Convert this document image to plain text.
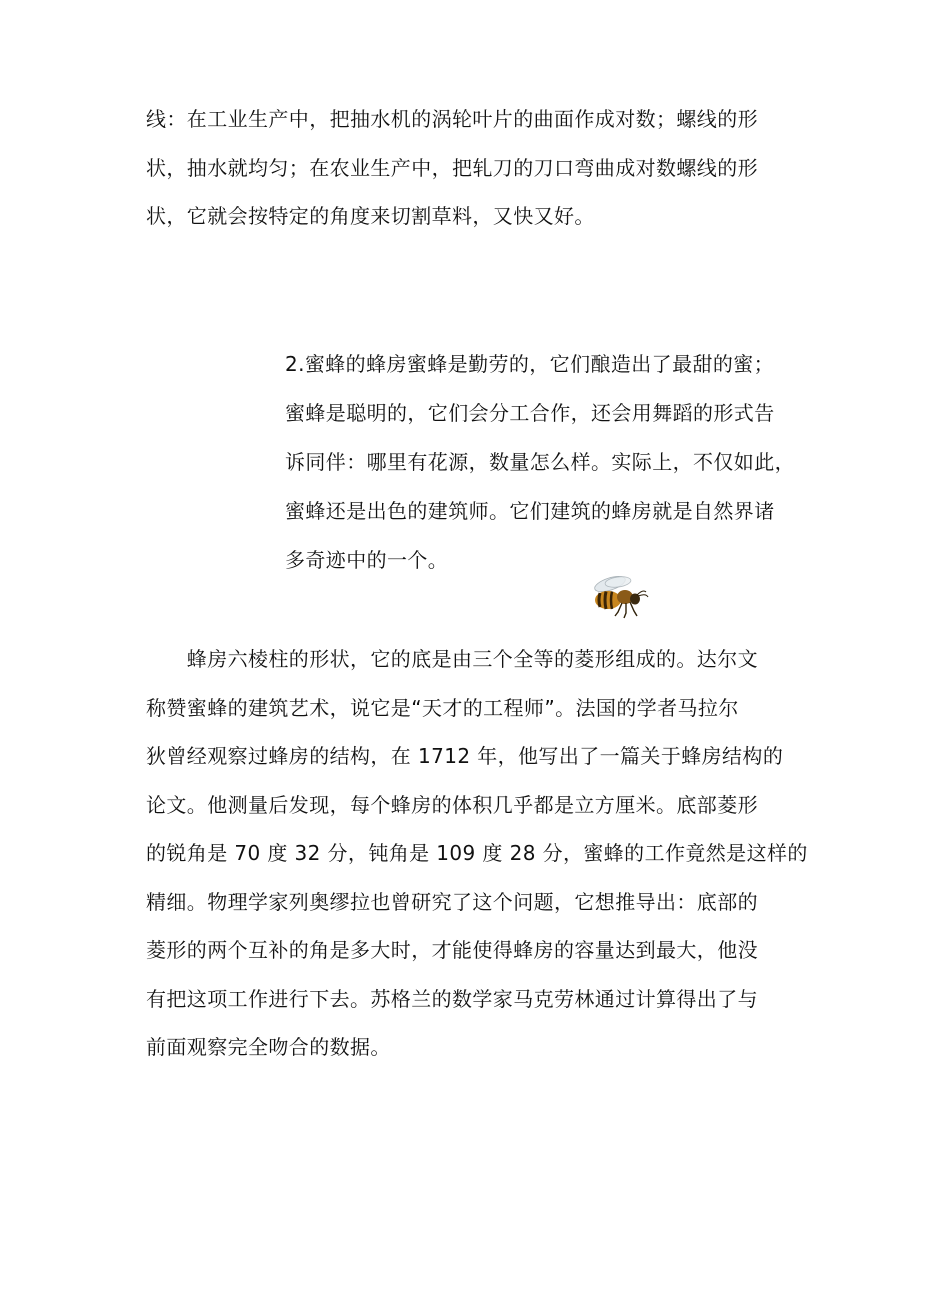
线：在工业生产中，把抽水机的涡轮叶片的曲面作成对数；螺线的形
状，抽水就均匀；在农业生产中，把轧刀的刀口弯曲成对数螺线的形
状，它就会按特定的角度来切割草料，又快又好。

2.蜜蜂的蜂房蜜蜂是勤劳的，它们酿造出了最甜的蜜；
蜜蜂是聪明的，它们会分工合作，还会用舞蹈的形式告
诉同伴：哪里有花源，数量怎么样。实际上，不仅如此，
蜜蜂还是出色的建筑师。它们建筑的蜂房就是自然界诸
多奇迹中的一个。

　　蜂房六棱柱的形状，它的底是由三个全等的菱形组成的。达尔文
称赞蜜蜂的建筑艺术，说它是“天才的工程师”。法国的学者马拉尔
狄曾经观察过蜂房的结构，在 1712 年，他写出了一篇关于蜂房结构的
论文。他测量后发现，每个蜂房的体积几乎都是立方厘米。底部菱形
的锐角是 70 度 32 分，钝角是 109 度 28 分，蜜蜂的工作竟然是这样的
精细。物理学家列奥缪拉也曾研究了这个问题，它想推导出：底部的
菱形的两个互补的角是多大时，才能使得蜂房的容量达到最大，他没
有把这项工作进行下去。苏格兰的数学家马克劳林通过计算得出了与
前面观察完全吻合的数据。
